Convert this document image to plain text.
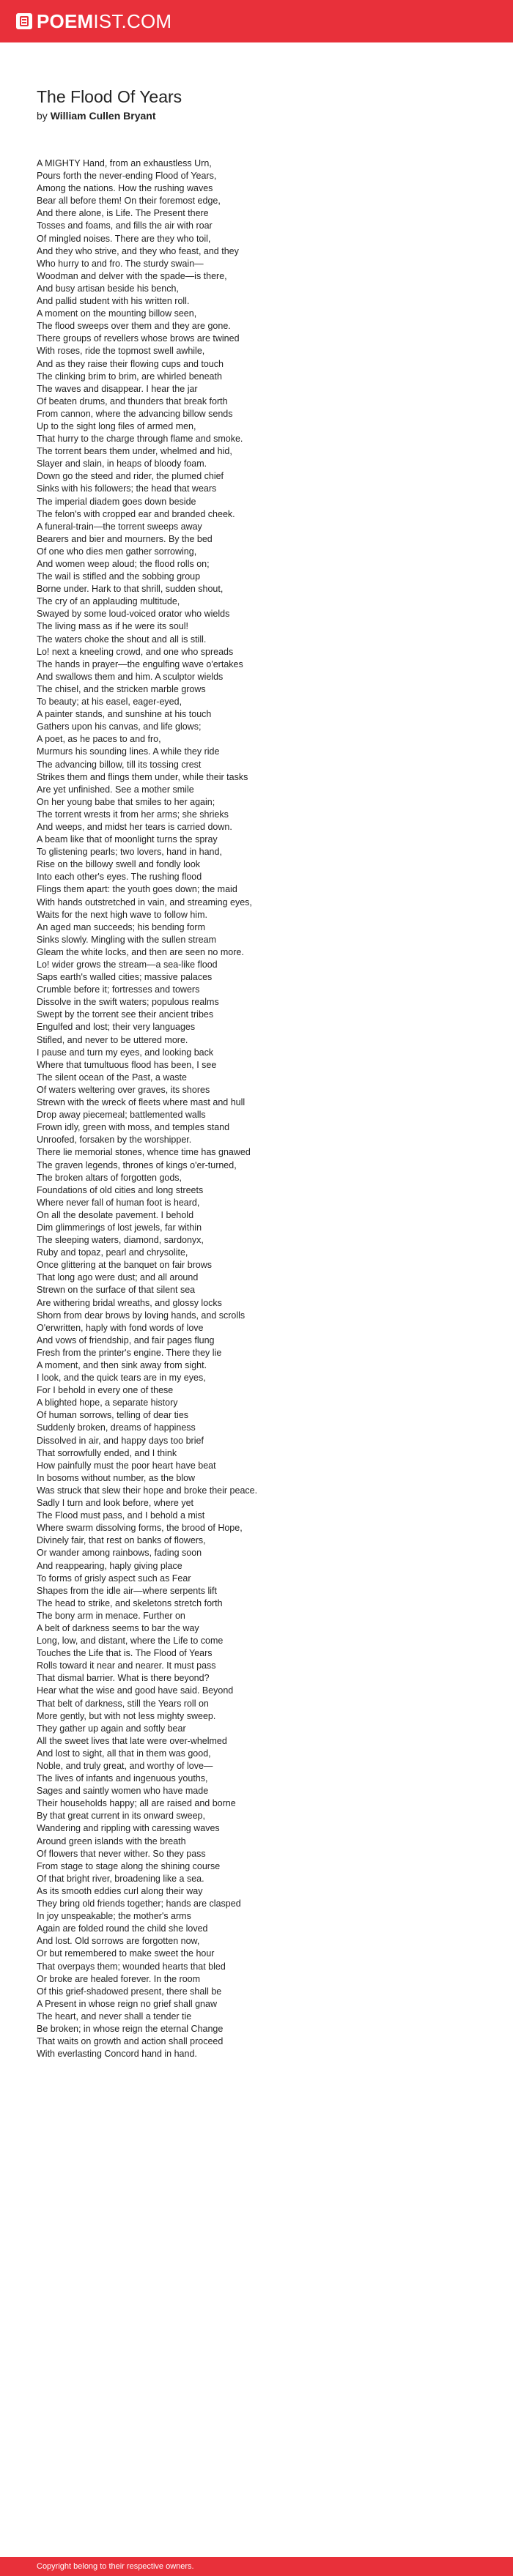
POEMIST.COM
The Flood Of Years
by William Cullen Bryant
A MIGHTY Hand, from an exhaustless Urn,
Pours forth the never-ending Flood of Years,
Among the nations. How the rushing waves
Bear all before them! On their foremost edge,
And there alone, is Life. The Present there
Tosses and foams, and fills the air with roar
Of mingled noises. There are they who toil,
And they who strive, and they who feast, and they
Who hurry to and fro. The sturdy swain—
Woodman and delver with the spade—is there,
And busy artisan beside his bench,
And pallid student with his written roll.
A moment on the mounting billow seen,
The flood sweeps over them and they are gone.
There groups of revellers whose brows are twined
With roses, ride the topmost swell awhile,
And as they raise their flowing cups and touch
The clinking brim to brim, are whirled beneath
The waves and disappear. I hear the jar
Of beaten drums, and thunders that break forth
From cannon, where the advancing billow sends
Up to the sight long files of armed men,
That hurry to the charge through flame and smoke.
The torrent bears them under, whelmed and hid,
Slayer and slain, in heaps of bloody foam.
Down go the steed and rider, the plumed chief
Sinks with his followers; the head that wears
The imperial diadem goes down beside
The felon's with cropped ear and branded cheek.
A funeral-train—the torrent sweeps away
Bearers and bier and mourners. By the bed
Of one who dies men gather sorrowing,
And women weep aloud; the flood rolls on;
The wail is stifled and the sobbing group
Borne under. Hark to that shrill, sudden shout,
The cry of an applauding multitude,
Swayed by some loud-voiced orator who wields
The living mass as if he were its soul!
The waters choke the shout and all is still.
Lo! next a kneeling crowd, and one who spreads
The hands in prayer—the engulfing wave o'ertakes
And swallows them and him. A sculptor wields
The chisel, and the stricken marble grows
To beauty; at his easel, eager-eyed,
A painter stands, and sunshine at his touch
Gathers upon his canvas, and life glows;
A poet, as he paces to and fro,
Murmurs his sounding lines. A while they ride
The advancing billow, till its tossing crest
Strikes them and flings them under, while their tasks
Are yet unfinished. See a mother smile
On her young babe that smiles to her again;
The torrent wrests it from her arms; she shrieks
And weeps, and midst her tears is carried down.
A beam like that of moonlight turns the spray
To glistening pearls; two lovers, hand in hand,
Rise on the billowy swell and fondly look
Into each other's eyes. The rushing flood
Flings them apart: the youth goes down; the maid
With hands outstretched in vain, and streaming eyes,
Waits for the next high wave to follow him.
An aged man succeeds; his bending form
Sinks slowly. Mingling with the sullen stream
Gleam the white locks, and then are seen no more.
Lo! wider grows the stream—a sea-like flood
Saps earth's walled cities; massive palaces
Crumble before it; fortresses and towers
Dissolve in the swift waters; populous realms
Swept by the torrent see their ancient tribes
Engulfed and lost; their very languages
Stifled, and never to be uttered more.
I pause and turn my eyes, and looking back
Where that tumultuous flood has been, I see
The silent ocean of the Past, a waste
Of waters weltering over graves, its shores
Strewn with the wreck of fleets where mast and hull
Drop away piecemeal; battlemented walls
Frown idly, green with moss, and temples stand
Unroofed, forsaken by the worshipper.
There lie memorial stones, whence time has gnawed
The graven legends, thrones of kings o'er-turned,
The broken altars of forgotten gods,
Foundations of old cities and long streets
Where never fall of human foot is heard,
On all the desolate pavement. I behold
Dim glimmerings of lost jewels, far within
The sleeping waters, diamond, sardonyx,
Ruby and topaz, pearl and chrysolite,
Once glittering at the banquet on fair brows
That long ago were dust; and all around
Strewn on the surface of that silent sea
Are withering bridal wreaths, and glossy locks
Shorn from dear brows by loving hands, and scrolls
O'erwritten, haply with fond words of love
And vows of friendship, and fair pages flung
Fresh from the printer's engine. There they lie
A moment, and then sink away from sight.
I look, and the quick tears are in my eyes,
For I behold in every one of these
A blighted hope, a separate history
Of human sorrows, telling of dear ties
Suddenly broken, dreams of happiness
Dissolved in air, and happy days too brief
That sorrowfully ended, and I think
How painfully must the poor heart have beat
In bosoms without number, as the blow
Was struck that slew their hope and broke their peace.
Sadly I turn and look before, where yet
The Flood must pass, and I behold a mist
Where swarm dissolving forms, the brood of Hope,
Divinely fair, that rest on banks of flowers,
Or wander among rainbows, fading soon
And reappearing, haply giving place
To forms of grisly aspect such as Fear
Shapes from the idle air—where serpents lift
The head to strike, and skeletons stretch forth
The bony arm in menace. Further on
A belt of darkness seems to bar the way
Long, low, and distant, where the Life to come
Touches the Life that is. The Flood of Years
Rolls toward it near and nearer. It must pass
That dismal barrier. What is there beyond?
Hear what the wise and good have said. Beyond
That belt of darkness, still the Years roll on
More gently, but with not less mighty sweep.
They gather up again and softly bear
All the sweet lives that late were over-whelmed
And lost to sight, all that in them was good,
Noble, and truly great, and worthy of love—
The lives of infants and ingenuous youths,
Sages and saintly women who have made
Their households happy; all are raised and borne
By that great current in its onward sweep,
Wandering and rippling with caressing waves
Around green islands with the breath
Of flowers that never wither. So they pass
From stage to stage along the shining course
Of that bright river, broadening like a sea.
As its smooth eddies curl along their way
They bring old friends together; hands are clasped
In joy unspeakable; the mother's arms
Again are folded round the child she loved
And lost. Old sorrows are forgotten now,
Or but remembered to make sweet the hour
That overpays them; wounded hearts that bled
Or broke are healed forever. In the room
Of this grief-shadowed present, there shall be
A Present in whose reign no grief shall gnaw
The heart, and never shall a tender tie
Be broken; in whose reign the eternal Change
That waits on growth and action shall proceed
With everlasting Concord hand in hand.
Copyright belong to their respective owners.
